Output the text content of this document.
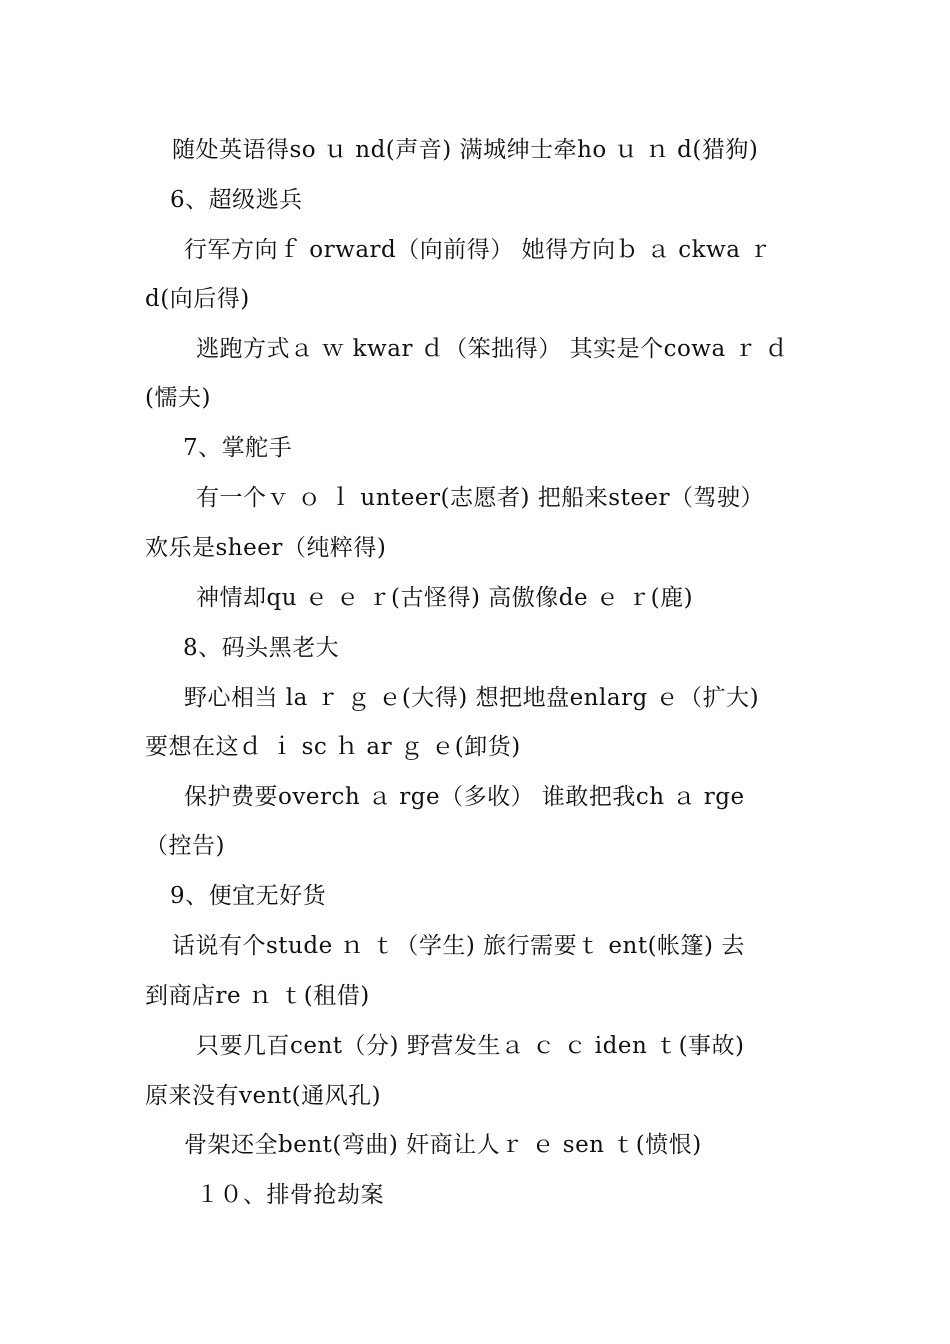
随处英语得so ｕ nd(声音) 满城绅士牵ho ｕ ｎ d(猎狗)
6、超级逃兵
行军方向ｆ orward（向前得） 她得方向ｂ ａ ckwa ｒ
d(向后得)
逃跑方式ａ ｗ kwar ｄ（笨拙得） 其实是个cowa ｒ ｄ
(懦夫)
7、掌舵手
有一个ｖ ｏ ｌ unteer(志愿者) 把船来steer（驾驶）
欢乐是sheer（纯粹得)
神情却qu ｅ ｅ ｒ(古怪得) 高傲像de ｅ ｒ(鹿)
8、码头黑老大
野心相当 la ｒ ｇ ｅ(大得) 想把地盘enlarg ｅ（扩大)
要想在这ｄ ｉ sc ｈ ar ｇ ｅ(卸货)
保护费要overch ａ rge（多收） 谁敢把我ch ａ rge
（控告)
9、便宜无好货
话说有个stude ｎ ｔ（学生) 旅行需要ｔ ent(帐篷) 去
到商店re ｎ ｔ(租借)
只要几百cent（分) 野营发生ａ ｃ ｃ iden ｔ(事故)
原来没有vent(通风孔)
骨架还全bent(弯曲) 奸商让人ｒ ｅ sen ｔ(愤恨)
１０、排骨抢劫案
